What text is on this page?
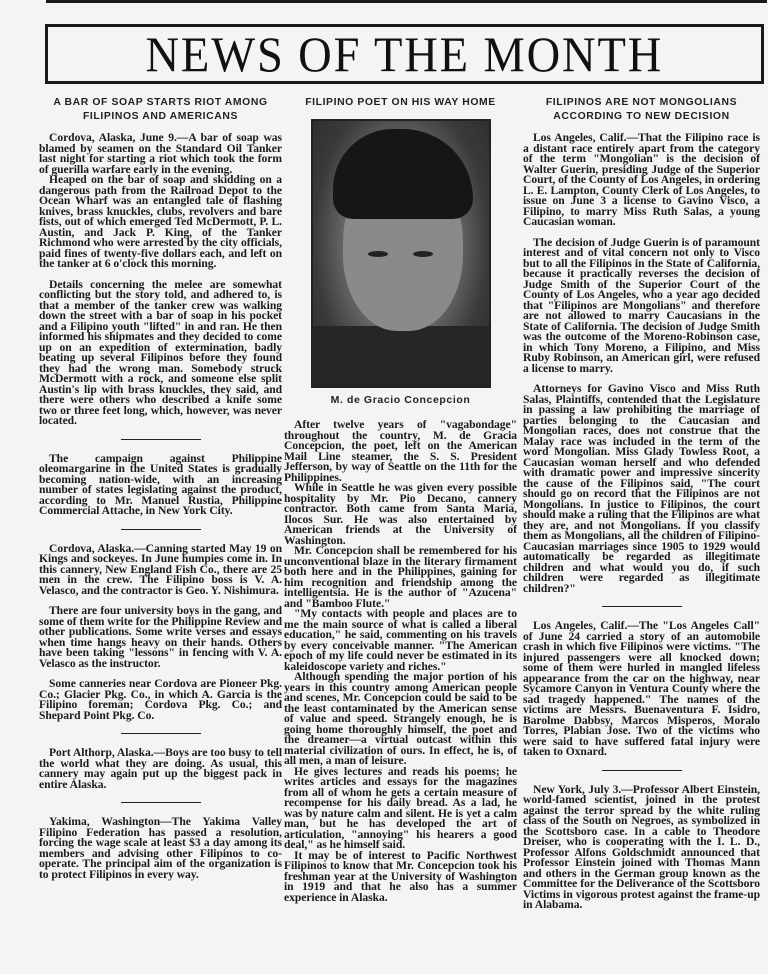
NEWS OF THE MONTH
A BAR OF SOAP STARTS RIOT AMONG FILIPINOS AND AMERICANS

Cordova, Alaska, June 9.—A bar of soap was blamed by seamen on the Standard Oil Tanker last night for starting a riot which took the form of guerilla warfare early in the evening.

Heaped on the bar of soap and skidding on a dangerous path from the Railroad Depot to the Ocean Wharf was an entangled tale of flashing knives, brass knuckles, clubs, revolvers and bare fists, out of which emerged Ted McDermott, P. L. Austin, and Jack P. King, of the Tanker Richmond who were arrested by the city officials, paid fines of twenty-five dollars each, and left on the tanker at 6 o'clock this morning.

Details concerning the melee are somewhat conflicting but the story told, and adhered to, is that a member of the tanker crew was walking down the street with a bar of soap in his pocket and a Filipino youth "lifted" in and ran. He then informed his shipmates and they decided to come up on an expedition of extermination, badly beating up several Filipinos before they found they had the wrong man. Somebody struck McDermott with a rock, and someone else split Austin's lip with brass knuckles, they said, and there were others who described a knife some two or three feet long, which, however, was never located.

The campaign against Philippine oleomargarine in the United States is gradually becoming nation-wide, with an increasing number of states legislating against the product, according to Mr. Manuel Rustia, Philippine Commercial Attache, in New York City.

Cordova, Alaska.—Canning started May 19 on Kings and sockeyes. In June humpies come in. In this cannery, New England Fish Co., there are 25 men in the crew. The Filipino boss is V. A. Velasco, and the contractor is Geo. Y. Nishimura.

There are four university boys in the gang, and some of them write for the Philippine Review and other publications. Some write verses and essays when time hangs heavy on their hands. Others have been taking "lessons" in fencing with V. A. Velasco as the instructor.

Some canneries near Cordova are Pioneer Pkg. Co.; Glacier Pkg. Co., in which A. Garcia is the Filipino foreman; Cordova Pkg. Co.; and Shepard Point Pkg. Co.

Port Althorp, Alaska.—Boys are too busy to tell the world what they are doing. As usual, this cannery may again put up the biggest pack in entire Alaska.

Yakima, Washington—The Yakima Valley Filipino Federation has passed a resolution, forcing the wage scale at least $3 a day among its members and advising other Filipinos to co-operate. The principal aim of the organization is to protect Filipinos in every way.

FILIPINO POET ON HIS WAY HOME
M. de Gracio Concepcion

After twelve years of "vagabondage" throughout the country, M. de Gracia Concepcion, the poet, left on the American Mail Line steamer, the S. S. President Jefferson, by way of Seattle on the 11th for the Philippines.

While in Seattle he was given every possible hospitality by Mr. Pio Decano, cannery contractor. Both came from Santa Maria, Ilocos Sur. He was also entertained by American friends at the University of Washington.

Mr. Concepcion shall be remembered for his unconventional blaze in the literary firmament both here and in the Philippines, gaining for him recognition and friendship among the intelligentsia. He is the author of "Azucena" and "Bamboo Flute."

"My contacts with people and places are to me the main source of what is called a liberal education," he said, commenting on his travels by every conceivable manner. "The American epoch of my life could never be estimated in its kaleidoscope variety and riches."

Although spending the major portion of his years in this country among American people and scenes, Mr. Concepcion could be said to be the least contaminated by the American sense of value and speed. Strangely enough, he is going home thoroughly himself, the poet and the dreamer—a virtual outcast within this material civilization of ours. In effect, he is, of all men, a man of leisure.

He gives lectures and reads his poems; he writes articles and essays for the magazines from all of whom he gets a certain measure of recompense for his daily bread. As a lad, he was by nature calm and silent. He is yet a calm man, but he has developed the art of articulation, "annoying" his hearers a good deal," as he himself said.

It may be of interest to Pacific Northwest Filipinos to know that Mr. Concepcion took his freshman year at the University of Washington in 1919 and that he also has a summer experience in Alaska.

FILIPINOS ARE NOT MONGOLIANS ACCORDING TO NEW DECISION

Los Angeles, Calif.—That the Filipino race is a distant race entirely apart from the category of the term "Mongolian" is the decision of Walter Guerin, presiding Judge of the Superior Court, of the County of Los Angeles, in ordering L. E. Lampton, County Clerk of Los Angeles, to issue on June 3 a license to Gavino Visco, a Filipino, to marry Miss Ruth Salas, a young Caucasian woman.

The decision of Judge Guerin is of paramount interest and of vital concern not only to Visco but to all the Filipinos in the State of California, because it practically reverses the decision of Judge Smith of the Superior Court of the County of Los Angeles, who a year ago decided that "Filipinos are Mongolians" and therefore are not allowed to marry Caucasians in the State of California. The decision of Judge Smith was the outcome of the Moreno-Robinson case, in which Tony Moreno, a Filipino, and Miss Ruby Robinson, an American girl, were refused a license to marry.

Attorneys for Gavino Visco and Miss Ruth Salas, Plaintiffs, contended that the Legislature in passing a law prohibiting the marriage of parties belonging to the Caucasian and Mongolian races, does not construe that the Malay race was included in the term of the word Mongolian. Miss Glady Towless Root, a Caucasian woman herself and who defended with dramatic power and impressive sincerity the cause of the Filipinos said, "The court should go on record that the Filipinos are not Mongolians. In justice to Filipinos, the court should make a ruling that the Filipinos are what they are, and not Mongolians. If you classify them as Mongolians, all the children of Filipino-Caucasian marriages since 1905 to 1929 would automatically be regarded as illegitimate children and what would you do, if such children were regarded as illegitimate children?"

Los Angeles, Calif.—The "Los Angeles Call" of June 24 carried a story of an automobile crash in which five Filipinos were victims. "The injured passengers were all knocked down; some of them were hurled in mangled lifeless appearance from the car on the highway, near Sycamore Canyon in Ventura County where the sad tragedy happened." The names of the victims are Messrs. Buenaventura F. Isidro, Barolme Dabbsy, Marcos Misperos, Moralo Torres, Plabian Jose. Two of the victims who were said to have suffered fatal injury were taken to Oxnard.

New York, July 3.—Professor Albert Einstein, world-famed scientist, joined in the protest against the terror spread by the white ruling class of the South on Negroes, as symbolized in the Scottsboro case. In a cable to Theodore Dreiser, who is cooperating with the I. L. D., Professor Alfons Goldschmidt announced that Professor Einstein joined with Thomas Mann and others in the German group known as the Committee for the Deliverance of the Scottsboro Victims in vigorous protest against the frame-up in Alabama.
